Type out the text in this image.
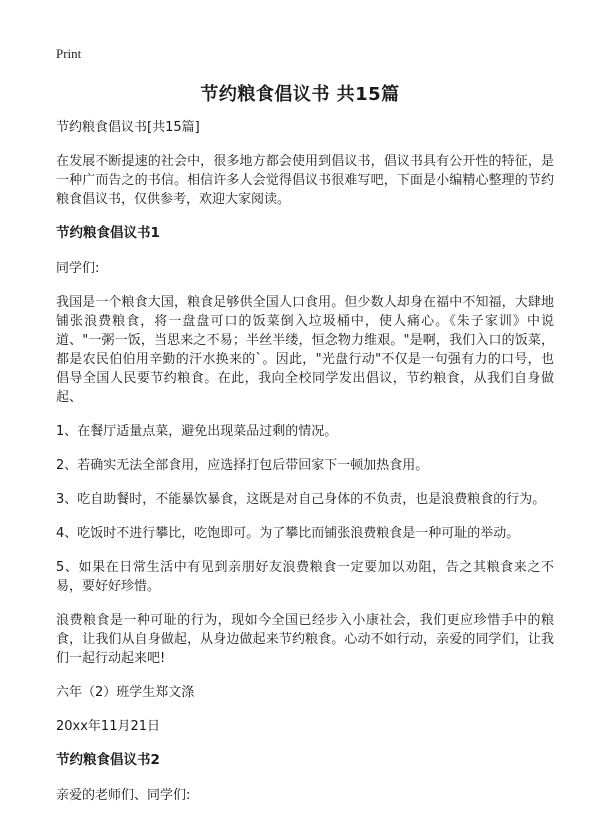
Print
节约粮食倡议书 共15篇

节约粮食倡议书[共15篇]

在发展不断提速的社会中，很多地方都会使用到倡议书，倡议书具有公开性的特征，是一种广而告之的书信。相信许多人会觉得倡议书很难写吧，下面是小编精心整理的节约粮食倡议书，仅供参考，欢迎大家阅读。

节约粮食倡议书1

同学们:

我国是一个粮食大国，粮食足够供全国人口食用。但少数人却身在福中不知福，大肆地铺张浪费粮食，将一盘盘可口的饭菜倒入垃圾桶中，使人痛心。《朱子家训》中说道、"一粥一饭，当思来之不易；半丝半缕，恒念物力维艰。"是啊，我们入口的饭菜，都是农民伯伯用辛勤的汗水换来的`。因此，"光盘行动"不仅是一句强有力的口号，也倡导全国人民要节约粮食。在此，我向全校同学发出倡议，节约粮食，从我们自身做起、

1、在餐厅适量点菜，避免出现菜品过剩的情况。

2、若确实无法全部食用，应选择打包后带回家下一顿加热食用。

3、吃自助餐时，不能暴饮暴食，这既是对自己身体的不负责，也是浪费粮食的行为。

4、吃饭时不进行攀比，吃饱即可。为了攀比而铺张浪费粮食是一种可耻的举动。

5、如果在日常生活中有见到亲朋好友浪费粮食一定要加以劝阻，告之其粮食来之不易，要好好珍惜。

浪费粮食是一种可耻的行为，现如今全国已经步入小康社会，我们更应珍惜手中的粮食，让我们从自身做起，从身边做起来节约粮食。心动不如行动，亲爱的同学们，让我们一起行动起来吧!

六年（2）班学生郑文涤

20xx年11月21日

节约粮食倡议书2

亲爱的老师们、同学们:
